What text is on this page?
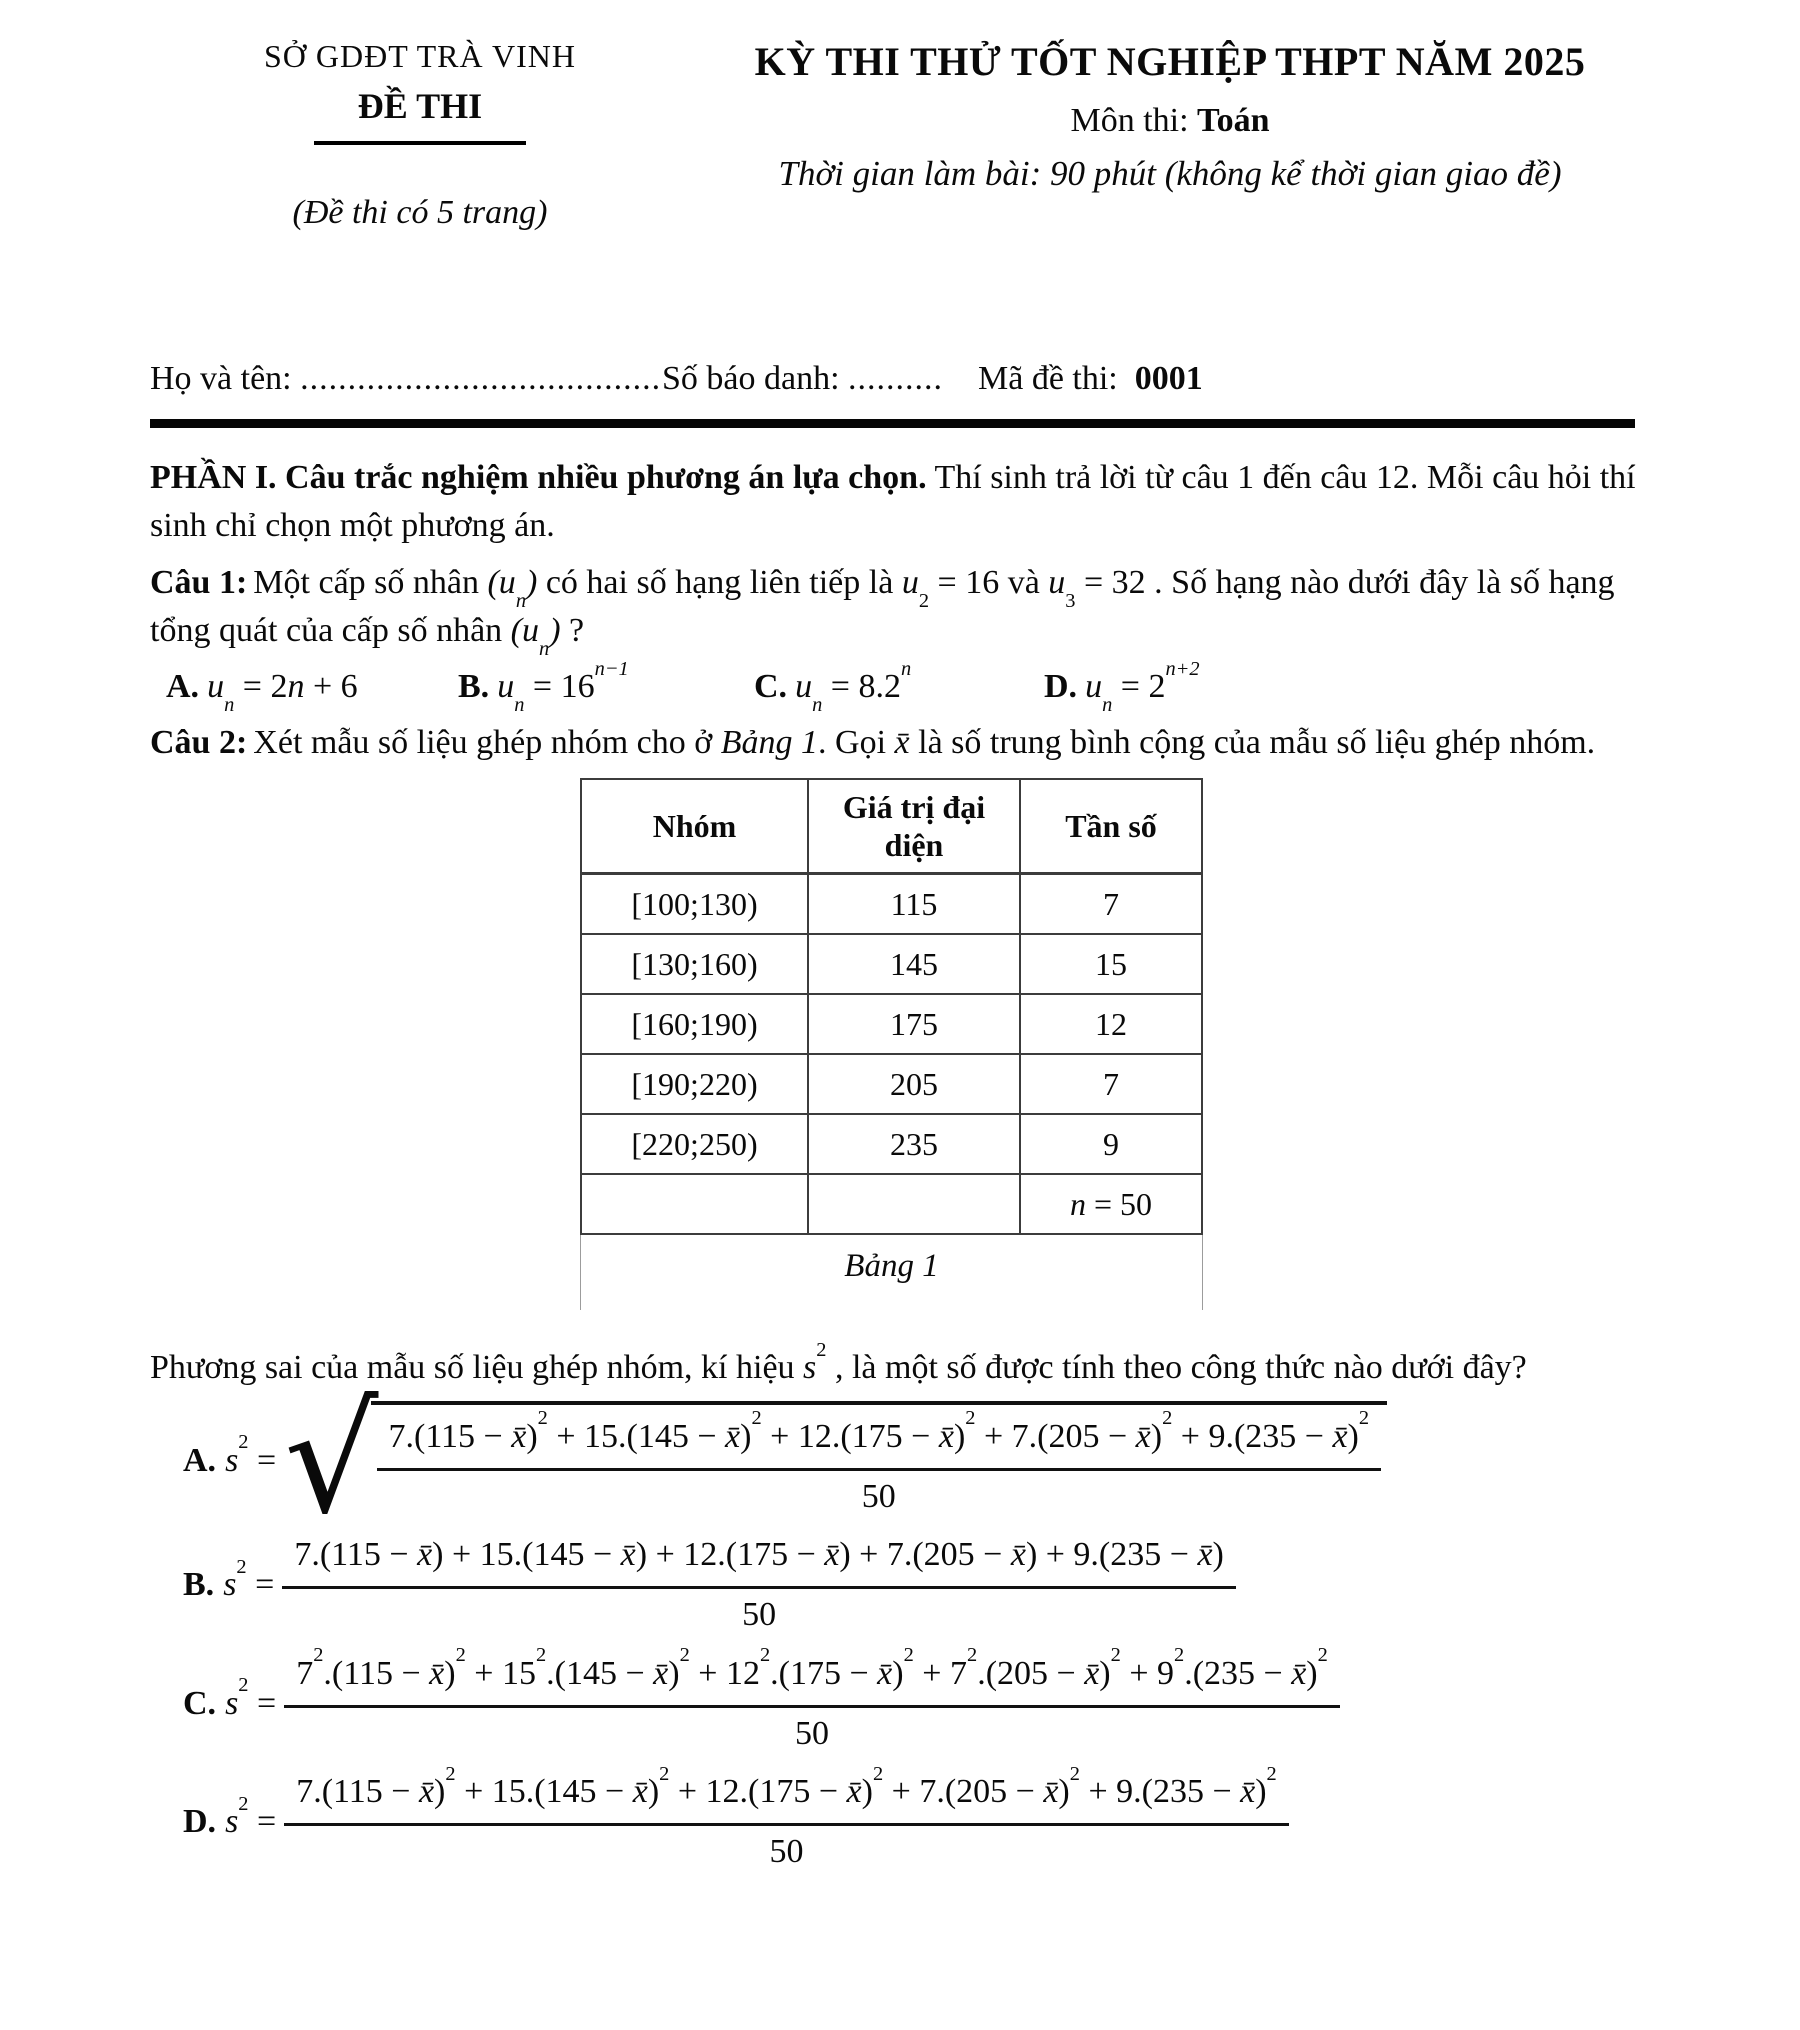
SỞ GDĐT TRÀ VINH
ĐỀ THI
(Đề thi có 5 trang)
KỲ THI THỬ TỐT NGHIỆP THPT NĂM 2025
Môn thi: Toán
Thời gian làm bài: 90 phút (không kể thời gian giao đề)
Họ và tên: ...................................... Số báo danh: ..........	Mã đề thi: 0001

PHẦN I. Câu trắc nghiệm nhiều phương án lựa chọn. Thí sinh trả lời từ câu 1 đến câu 12. Mỗi câu hỏi thí sinh chỉ chọn một phương án.

Câu 1: Một cấp số nhân $(u_n)$ có hai số hạng liên tiếp là $u_2 = 16$ và $u_3 = 32$ . Số hạng nào dưới đây là số hạng tổng quát của cấp số nhân $(u_n)$ ?

A. $u_n = 2n + 6$	B. $u_n = 16^{n-1}$	C. $u_n = 8.2^n$	D. $u_n = 2^{n+2}$

Câu 2: Xét mẫu số liệu ghép nhóm cho ở Bảng 1. Gọi x̄ là số trung bình cộng của mẫu số liệu ghép nhóm.

Nhóm	Giá trị đại diện	Tần số
[100;130)	115	7
[130;160)	145	15
[160;190)	175	12
[190;220)	205	7
[220;250)	235	9
		n = 50
Bảng 1

Phương sai của mẫu số liệu ghép nhóm, kí hiệu $s^2$ , là một số được tính theo công thức nào dưới đây?

A. $s^2$ = √ 7.(115 − x̄)$^2$ + 15.(145 − x̄)$^2$ + 12.(175 − x̄)$^2$ + 7.(205 − x̄)$^2$ + 9.(235 − x̄)$^2$
50
B. $s^2$ =
7.(115 − x̄) + 15.(145 − x̄) + 12.(175 − x̄) + 7.(205 − x̄) + 9.(235 − x̄)
50
C. $s^2$ =
$7^2.(115$ − x̄)$^2$ + $15^2.(145$ − x̄)$^2$ + $12^2.(175$ − x̄)$^2$ + $7^2.(205$ − x̄)$^2$ + $9^2.(235$ − x̄)$^2$
50
D. $s^2$ =
7.(115 − x̄)$^2$ + 15.(145 − x̄)$^2$ + 12.(175 − x̄)$^2$ + 7.(205 − x̄)$^2$ + 9.(235 − x̄)$^2$
50
